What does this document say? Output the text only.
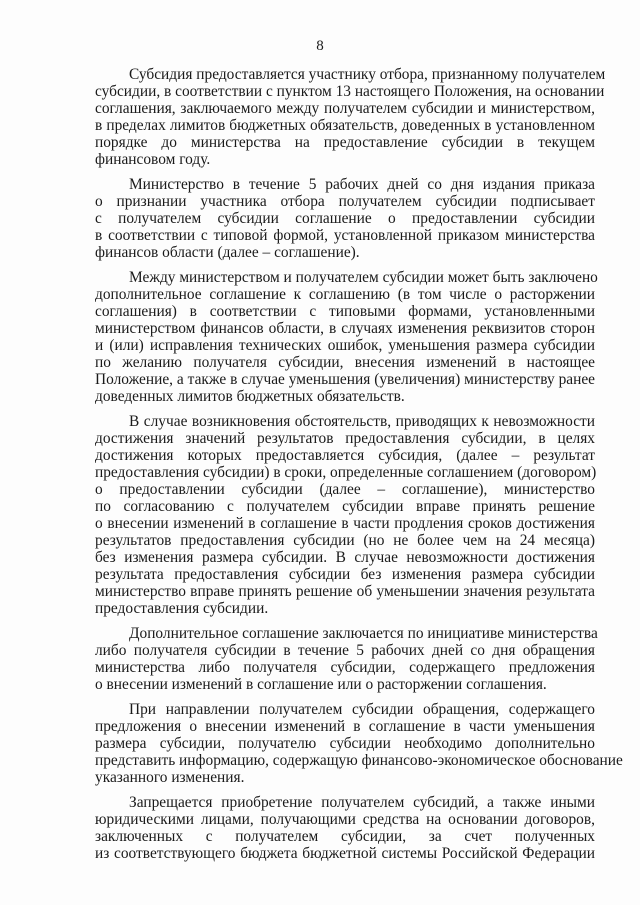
8
Субсидия предоставляется участнику отбора, признанному получателем
субсидии, в соответствии с пунктом 13 настоящего Положения, на основании
соглашения, заключаемого между получателем субсидии и министерством,
в пределах лимитов бюджетных обязательств, доведенных в установленном
порядке до министерства на предоставление субсидии в текущем
финансовом году.
Министерство в течение 5 рабочих дней со дня издания приказа
о признании участника отбора получателем субсидии подписывает
с получателем субсидии соглашение о предоставлении субсидии
в соответствии с типовой формой, установленной приказом министерства
финансов области (далее – соглашение).
Между министерством и получателем субсидии может быть заключено
дополнительное соглашение к соглашению (в том числе о расторжении
соглашения) в соответствии с типовыми формами, установленными
министерством финансов области, в случаях изменения реквизитов сторон
и (или) исправления технических ошибок, уменьшения размера субсидии
по желанию получателя субсидии, внесения изменений в настоящее
Положение, а также в случае уменьшения (увеличения) министерству ранее
доведенных лимитов бюджетных обязательств.
В случае возникновения обстоятельств, приводящих к невозможности
достижения значений результатов предоставления субсидии, в целях
достижения которых предоставляется субсидия, (далее – результат
предоставления субсидии) в сроки, определенные соглашением (договором)
о предоставлении субсидии (далее – соглашение), министерство
по согласованию с получателем субсидии вправе принять решение
о внесении изменений в соглашение в части продления сроков достижения
результатов предоставления субсидии (но не более чем на 24 месяца)
без изменения размера субсидии. В случае невозможности достижения
результата предоставления субсидии без изменения размера субсидии
министерство вправе принять решение об уменьшении значения результата
предоставления субсидии.
Дополнительное соглашение заключается по инициативе министерства
либо получателя субсидии в течение 5 рабочих дней со дня обращения
министерства либо получателя субсидии, содержащего предложения
о внесении изменений в соглашение или о расторжении соглашения.
При направлении получателем субсидии обращения, содержащего
предложения о внесении изменений в соглашение в части уменьшения
размера субсидии, получателю субсидии необходимо дополнительно
представить информацию, содержащую финансово-экономическое обоснование
указанного изменения.
Запрещается приобретение получателем субсидий, а также иными
юридическими лицами, получающими средства на основании договоров,
заключенных с получателем субсидии, за счет полученных
из соответствующего бюджета бюджетной системы Российской Федерации
